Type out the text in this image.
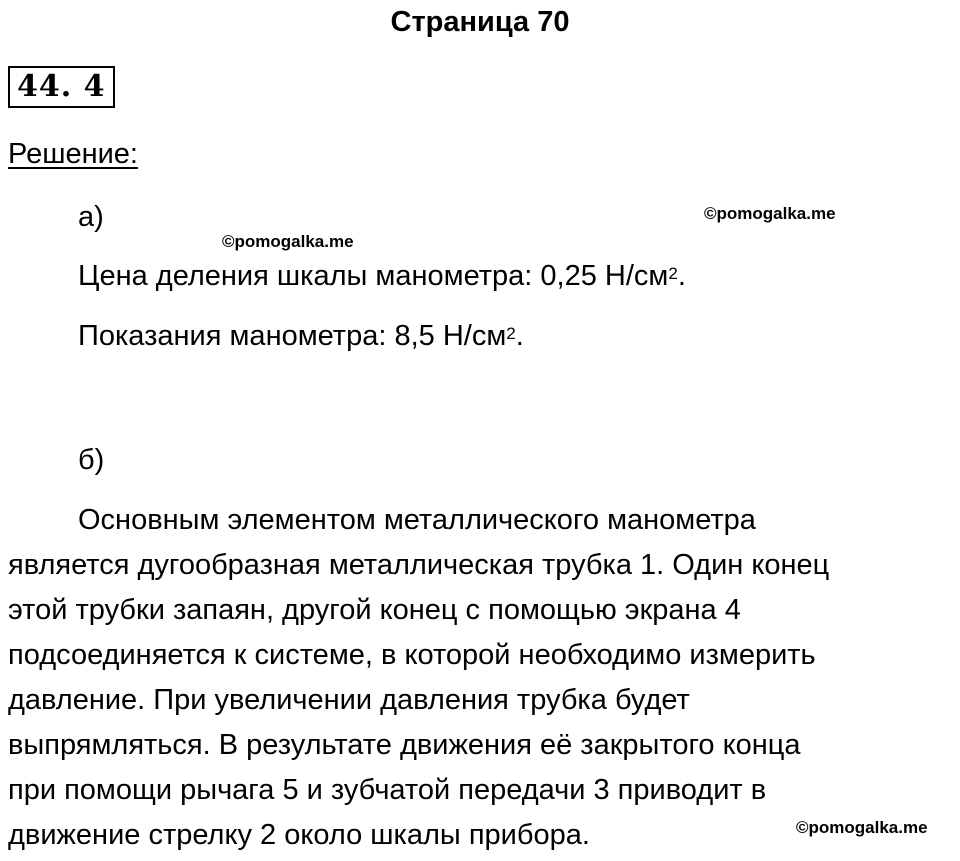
Страница 70
44. 4
Решение:
©pomogalka.me
а)
©pomogalka.me
Цена деления шкалы манометра: 0,25 $Н/см^2$.
Показания манометра: 8,5 $Н/см^2$.
б)
Основным элементом металлического манометра
является дугообразная металлическая трубка 1. Один конец
этой трубки запаян, другой конец с помощью экрана 4
подсоединяется к системе, в которой необходимо измерить
давление. При увеличении давления трубка будет
выпрямляться. В результате движения её закрытого конца
при помощи рычага 5 и зубчатой передачи 3 приводит в
движение стрелку 2 около шкалы прибора.	©pomogalka.me
